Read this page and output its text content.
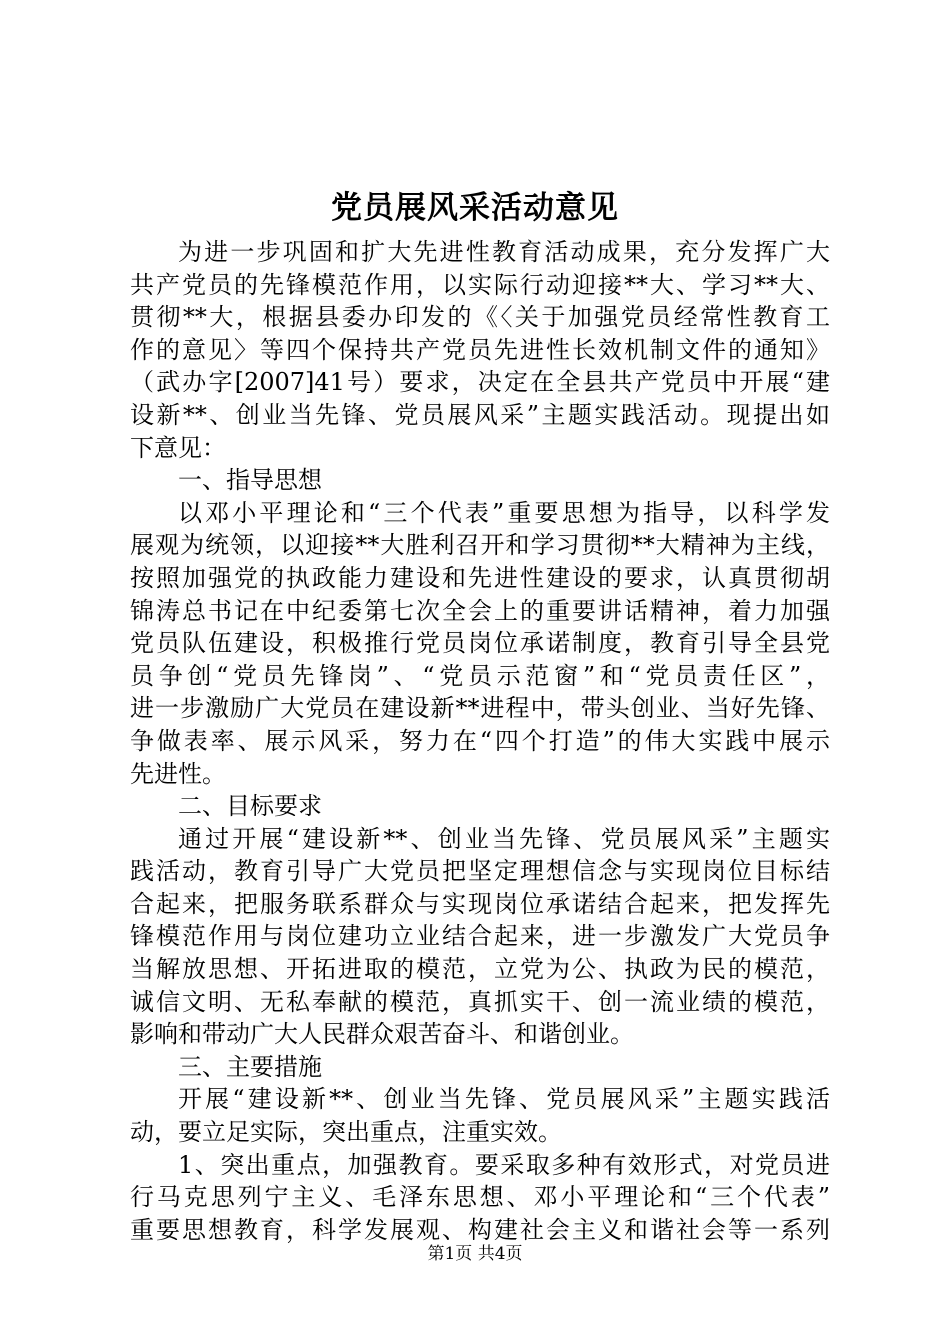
党员展风采活动意见
为进一步巩固和扩大先进性教育活动成果，充分发挥广大
共产党员的先锋模范作用，以实际行动迎接**大、学习**大、
贯彻**大，根据县委办印发的《〈关于加强党员经常性教育工
作的意见〉等四个保持共产党员先进性长效机制文件的通知》
（武办字[2007]41号）要求，决定在全县共产党员中开展“建
设新**、创业当先锋、党员展风采”主题实践活动。现提出如
下意见：
一、指导思想
以邓小平理论和“三个代表”重要思想为指导，以科学发
展观为统领，以迎接**大胜利召开和学习贯彻**大精神为主线，
按照加强党的执政能力建设和先进性建设的要求，认真贯彻胡
锦涛总书记在中纪委第七次全会上的重要讲话精神，着力加强
党员队伍建设，积极推行党员岗位承诺制度，教育引导全县党
员争创“党员先锋岗”、“党员示范窗”和“党员责任区”，
进一步激励广大党员在建设新**进程中，带头创业、当好先锋、
争做表率、展示风采，努力在“四个打造”的伟大实践中展示
先进性。
二、目标要求
通过开展“建设新**、创业当先锋、党员展风采”主题实
践活动，教育引导广大党员把坚定理想信念与实现岗位目标结
合起来，把服务联系群众与实现岗位承诺结合起来，把发挥先
锋模范作用与岗位建功立业结合起来，进一步激发广大党员争
当解放思想、开拓进取的模范，立党为公、执政为民的模范，
诚信文明、无私奉献的模范，真抓实干、创一流业绩的模范，
影响和带动广大人民群众艰苦奋斗、和谐创业。
三、主要措施
开展“建设新**、创业当先锋、党员展风采”主题实践活
动，要立足实际，突出重点，注重实效。
1、突出重点，加强教育。要采取多种有效形式，对党员进
行马克思列宁主义、毛泽东思想、邓小平理论和“三个代表”
重要思想教育，科学发展观、构建社会主义和谐社会等一系列
第1页 共4页
